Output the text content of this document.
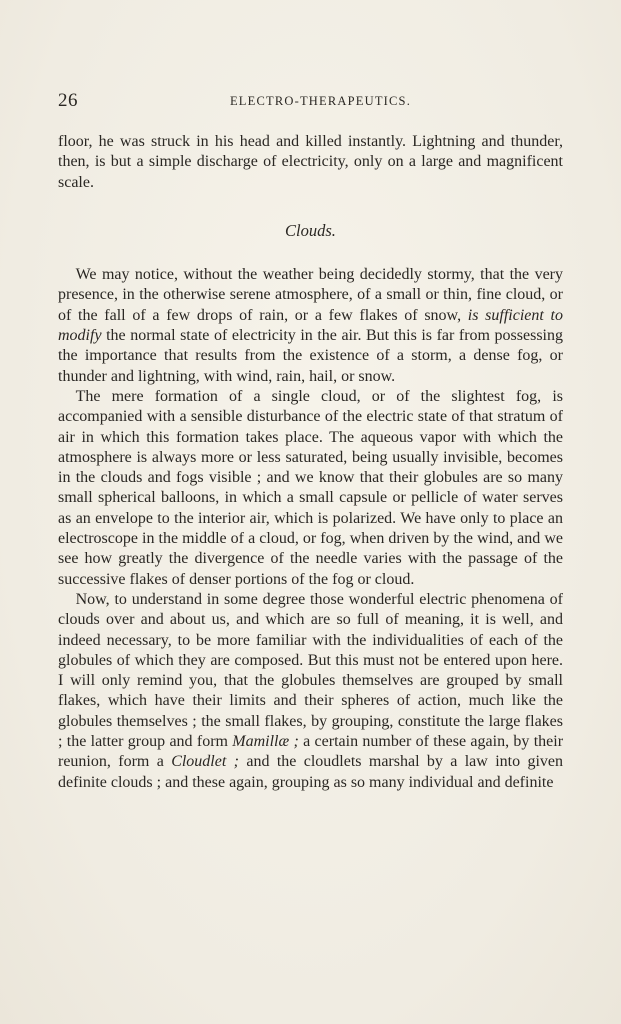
26	ELECTRO-THERAPEUTICS.

floor, he was struck in his head and killed instantly. Lightning and thunder, then, is but a simple discharge of electricity, only on a large and magnificent scale.

Clouds.

We may notice, without the weather being decidedly stormy, that the very presence, in the otherwise serene atmosphere, of a small or thin, fine cloud, or of the fall of a few drops of rain, or a few flakes of snow, is sufficient to modify the normal state of electricity in the air. But this is far from possessing the importance that results from the existence of a storm, a dense fog, or thunder and lightning, with wind, rain, hail, or snow.

The mere formation of a single cloud, or of the slightest fog, is accompanied with a sensible disturbance of the electric state of that stratum of air in which this formation takes place. The aqueous vapor with which the atmosphere is always more or less saturated, being usually invisible, becomes in the clouds and fogs visible ; and we know that their globules are so many small spherical balloons, in which a small capsule or pellicle of water serves as an envelope to the interior air, which is polarized. We have only to place an electroscope in the middle of a cloud, or fog, when driven by the wind, and we see how greatly the divergence of the needle varies with the passage of the successive flakes of denser portions of the fog or cloud.

Now, to understand in some degree those wonderful electric phenomena of clouds over and about us, and which are so full of meaning, it is well, and indeed necessary, to be more familiar with the individualities of each of the globules of which they are composed. But this must not be entered upon here. I will only remind you, that the globules themselves are grouped by small flakes, which have their limits and their spheres of action, much like the globules themselves ; the small flakes, by grouping, constitute the large flakes ; the latter group and form Mamillæ ; a certain number of these again, by their reunion, form a Cloudlet ; and the cloudlets marshal by a law into given definite clouds ; and these again, grouping as so many individual and definite
